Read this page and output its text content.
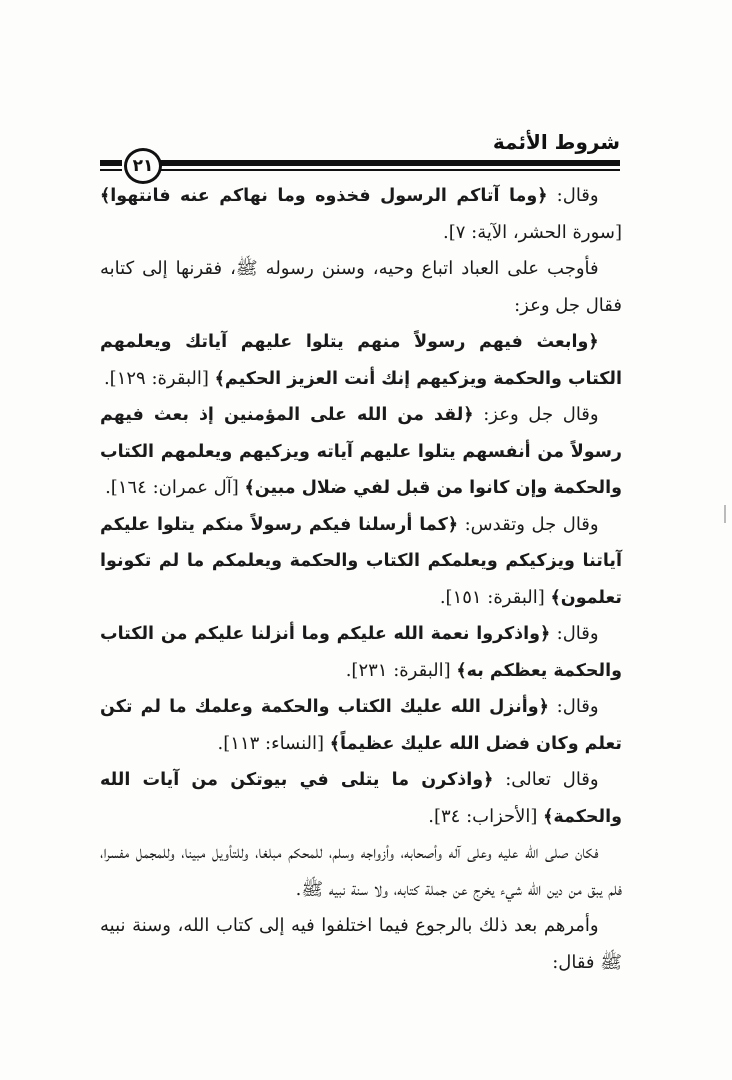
شروط الأئمة
٢١

وقال: ﴿وما آتاكم الرسول فخذوه وما نهاكم عنه فانتهوا﴾ [سورة الحشر، الآية: ٧].

فأوجب على العباد اتباع وحيه، وسنن رسوله ﷺ، فقرنها إلى كتابه فقال جل وعز:

﴿وابعث فيهم رسولاً منهم يتلوا عليهم آياتك ويعلمهم الكتاب والحكمة ويزكيهم إنك أنت العزيز الحكيم﴾ [البقرة: ١٢٩].

وقال جل وعز: ﴿لقد من الله على المؤمنين إذ بعث فيهم رسولاً من أنفسهم يتلوا عليهم آياته ويزكيهم ويعلمهم الكتاب والحكمة وإن كانوا من قبل لفي ضلال مبين﴾ [آل عمران: ١٦٤].

وقال جل وتقدس: ﴿كما أرسلنا فيكم رسولاً منكم يتلوا عليكم آياتنا ويزكيكم ويعلمكم الكتاب والحكمة ويعلمكم ما لم تكونوا تعلمون﴾ [البقرة: ١٥١].

وقال: ﴿واذكروا نعمة الله عليكم وما أنزلنا عليكم من الكتاب والحكمة يعظكم به﴾ [البقرة: ٢٣١].

وقال: ﴿وأنزل الله عليك الكتاب والحكمة وعلمك ما لم تكن تعلم وكان فضل الله عليك عظيماً﴾ [النساء: ١١٣].

وقال تعالى: ﴿واذكرن ما يتلى في بيوتكن من آيات الله والحكمة﴾ [الأحزاب: ٣٤].

فكان صلى الله عليه وعلى آله وأصحابه، وأزواجه وسلم، للمحكم مبلغا، وللتأويل مبينا، وللمجمل مفسرا، فلم يبق من دين الله شيء يخرج عن جملة كتابه، ولا سنة نبيه ﷺ.

وأمرهم بعد ذلك بالرجوع فيما اختلفوا فيه إلى كتاب الله، وسنة نبيه ﷺ فقال:
